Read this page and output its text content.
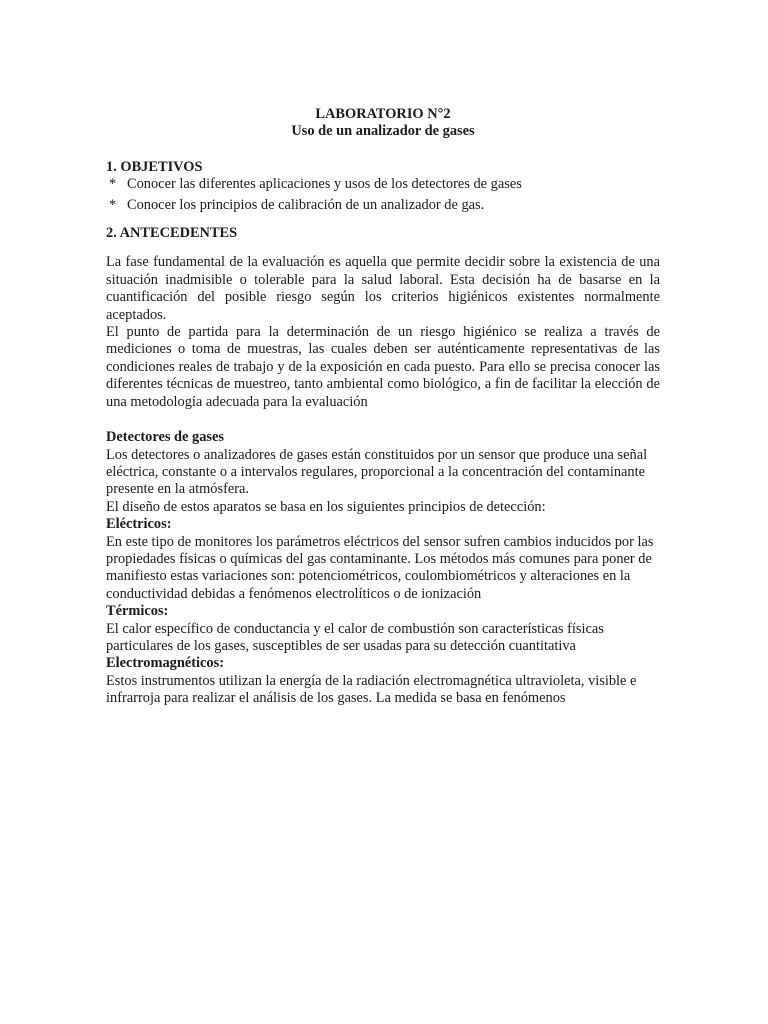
LABORATORIO N°2

Uso de un analizador de gases

1. OBJETIVOS

* Conocer las diferentes aplicaciones y usos de los detectores de gases
* Conocer los principios de calibración de un analizador de gas.

2. ANTECEDENTES

La fase fundamental de la evaluación es aquella que permite decidir sobre la existencia de una situación inadmisible o tolerable para la salud laboral. Esta decisión ha de basarse en la cuantificación del posible riesgo según los criterios higiénicos existentes normalmente aceptados.

El punto de partida para la determinación de un riesgo higiénico se realiza a través de mediciones o toma de muestras, las cuales deben ser auténticamente representativas de las condiciones reales de trabajo y de la exposición en cada puesto. Para ello se precisa conocer las diferentes técnicas de muestreo, tanto ambiental como biológico, a fin de facilitar la elección de una metodología adecuada para la evaluación

Detectores de gases

Los detectores o analizadores de gases están constituidos por un sensor que produce una señal eléctrica, constante o a intervalos regulares, proporcional a la concentración del contaminante presente en la atmósfera.

El diseño de estos aparatos se basa en los siguientes principios de detección:

Eléctricos:

En este tipo de monitores los parámetros eléctricos del sensor sufren cambios inducidos por las propiedades físicas o químicas del gas contaminante. Los métodos más comunes para poner de manifiesto estas variaciones son: potenciométricos, coulombiométricos y alteraciones en la conductividad debidas a fenómenos electrolíticos o de ionización

Térmicos:

El calor específico de conductancia y el calor de combustión son características físicas particulares de los gases, susceptibles de ser usadas para su detección cuantitativa

Electromagnéticos:

Estos instrumentos utilizan la energía de la radiación electromagnética ultravioleta, visible e infrarroja para realizar el análisis de los gases. La medida se basa en fenómenos
